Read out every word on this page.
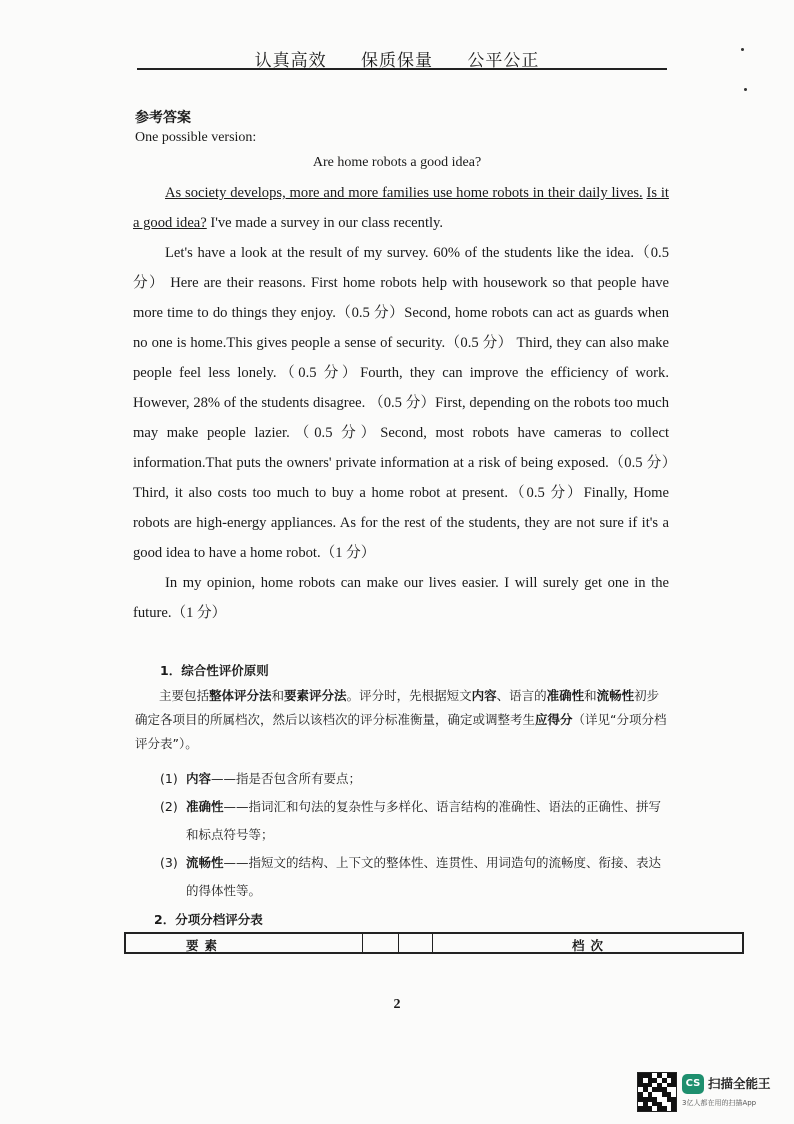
认真高效 保质保量 公平公正
参考答案
One possible version:
Are home robots a good idea?

As society develops, more and more families use home robots in their daily lives. Is it a good idea? I've made a survey in our class recently.

Let's have a look at the result of my survey. 60% of the students like the idea.（0.5 分） Here are their reasons. First home robots help with housework so that people have more time to do things they enjoy.（0.5 分）Second, home robots can act as guards when no one is home.This gives people a sense of security.（0.5 分） Third, they can also make people feel less lonely.（0.5 分）Fourth, they can improve the efficiency of work. However, 28% of the students disagree. （0.5 分）First, depending on the robots too much may make people lazier.（0.5 分）Second, most robots have cameras to collect information.That puts the owners' private information at a risk of being exposed.（0.5 分）Third, it also costs too much to buy a home robot at present.（0.5 分）Finally, Home robots are high-energy appliances. As for the rest of the students, they are not sure if it's a good idea to have a home robot.（1 分）

In my opinion, home robots can make our lives easier. I will surely get one in the future.（1 分）

1．综合性评价原则

主要包括整体评分法和要素评分法。评分时，先根据短文内容、语言的准确性和流畅性初步确定各项目的所属档次，然后以该档次的评分标准衡量，确定或调整考生应得分（详见“分项分档评分表”）。

(1) 内容——指是否包含所有要点；
(2) 准确性——指词汇和句法的复杂性与多样化、语言结构的准确性、语法的正确性、拼写和标点符号等；
(3) 流畅性——指短文的结构、上下文的整体性、连贯性、用词造句的流畅度、衔接、表达的得体性等。
2．分项分档评分表
要素	档次
2
CS 扫描全能王
3亿人都在用的扫描App
